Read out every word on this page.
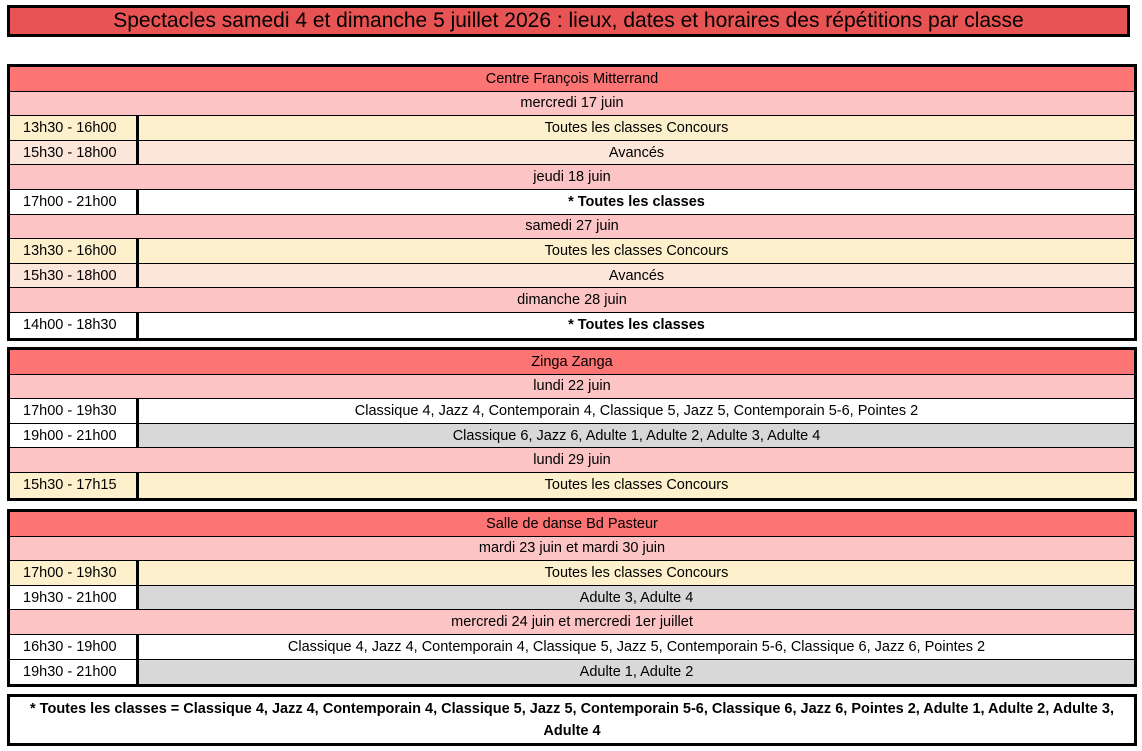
Spectacles samedi 4 et dimanche 5 juillet 2026 : lieux, dates et horaires des répétitions par classe
Centre François Mitterrand
mercredi 17 juin
13h30 - 16h00	Toutes les classes Concours
15h30 - 18h00	Avancés
jeudi 18 juin
17h00 - 21h00	* Toutes les classes
samedi 27 juin
13h30 - 16h00	Toutes les classes Concours
15h30 - 18h00	Avancés
dimanche 28 juin
14h00 - 18h30	* Toutes les classes
Zinga Zanga
lundi 22 juin
17h00 - 19h30	Classique 4, Jazz 4, Contemporain 4, Classique 5, Jazz 5, Contemporain 5-6, Pointes 2
19h00 - 21h00	Classique 6, Jazz 6, Adulte 1, Adulte 2, Adulte 3, Adulte 4
lundi 29 juin
15h30 - 17h15	Toutes les classes Concours
Salle de danse Bd Pasteur
mardi 23 juin et mardi 30 juin
17h00 - 19h30	Toutes les classes Concours
19h30 - 21h00	Adulte 3, Adulte 4
mercredi 24 juin et mercredi 1er juillet
16h30 - 19h00	Classique 4, Jazz 4, Contemporain 4, Classique 5, Jazz 5, Contemporain 5-6, Classique 6, Jazz 6, Pointes 2
19h30 - 21h00	Adulte 1, Adulte 2
* Toutes les classes = Classique 4, Jazz 4, Contemporain 4, Classique 5, Jazz 5, Contemporain 5-6, Classique 6, Jazz 6, Pointes 2, Adulte 1, Adulte 2, Adulte 3, Adulte 4
